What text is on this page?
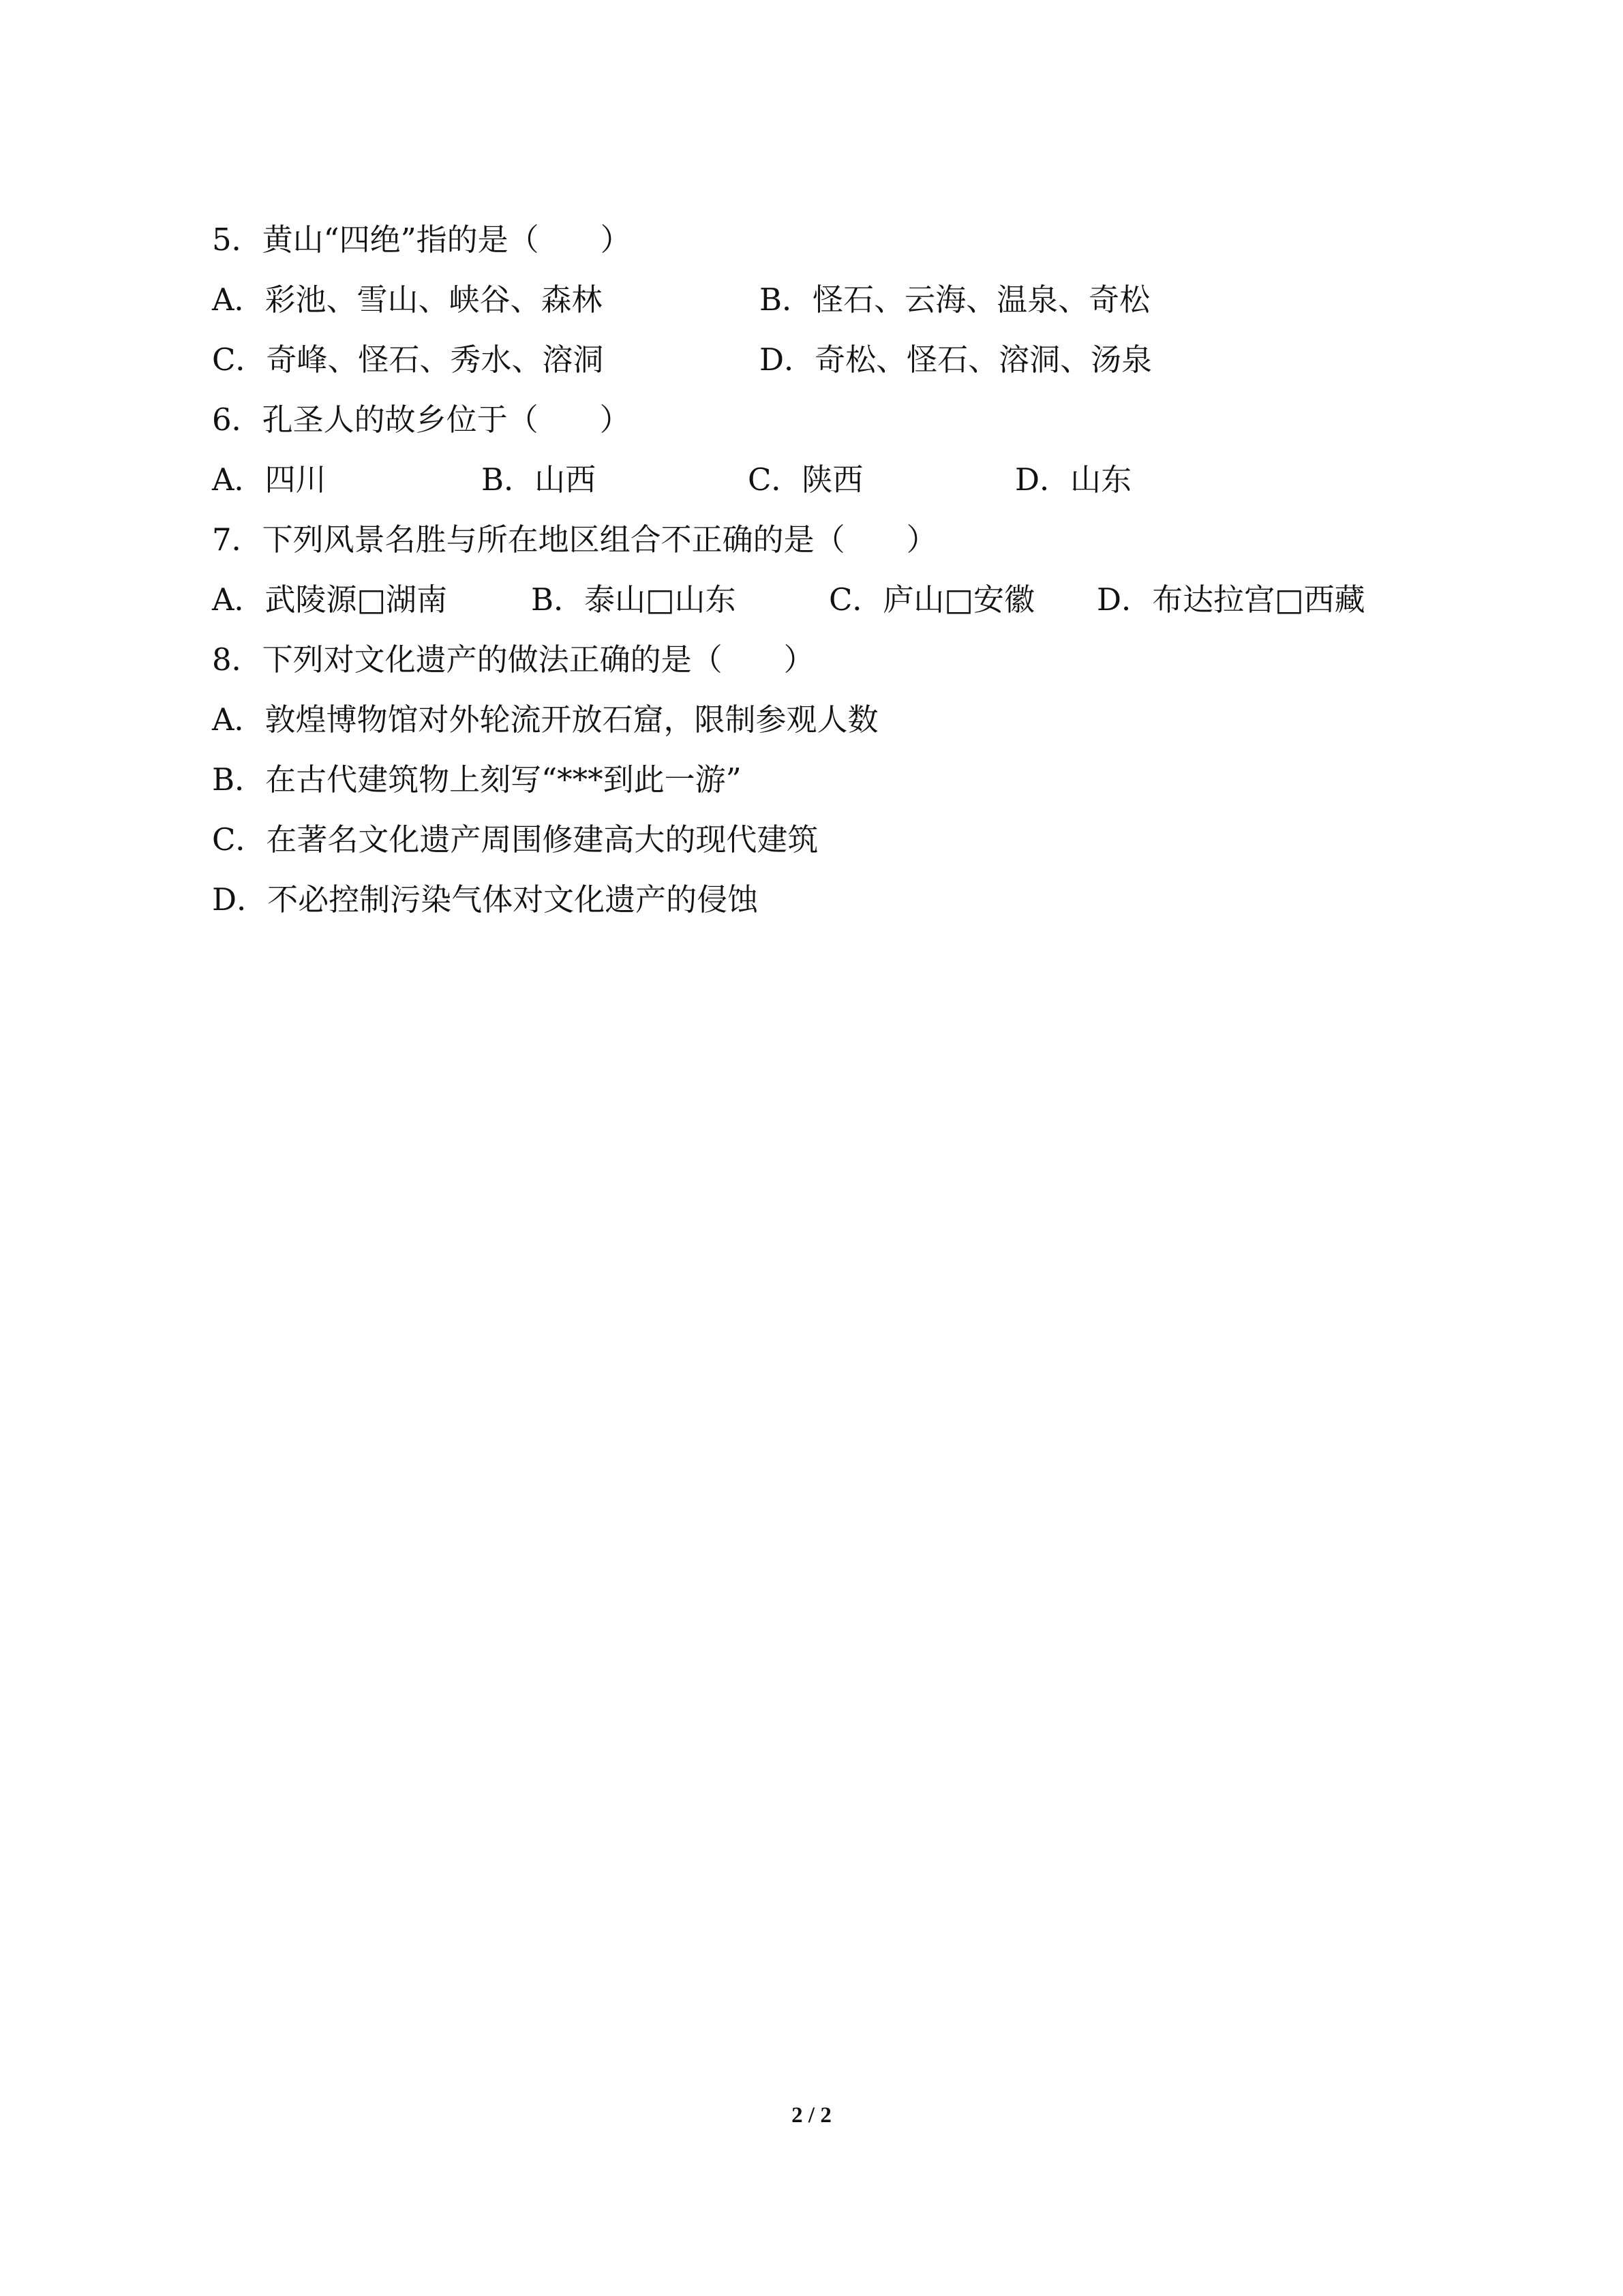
5．黄山“四绝”指的是（　　）
A．彩池、雪山、峡谷、森林	B．怪石、云海、温泉、奇松
C．奇峰、怪石、秀水、溶洞	D．奇松、怪石、溶洞、汤泉
6．孔圣人的故乡位于（　　）
A．四川	B．山西	C．陕西	D．山东
7．下列风景名胜与所在地区组合不正确的是（　　）
A．武陵源□湖南	B．泰山□山东	C．庐山□安徽 D．布达拉宫□西藏
8．下列对文化遗产的做法正确的是（　　）
A．敦煌博物馆对外轮流开放石窟，限制参观人数
B．在古代建筑物上刻写“***到此一游”
C．在著名文化遗产周围修建高大的现代建筑
D．不必控制污染气体对文化遗产的侵蚀
2 / 2
